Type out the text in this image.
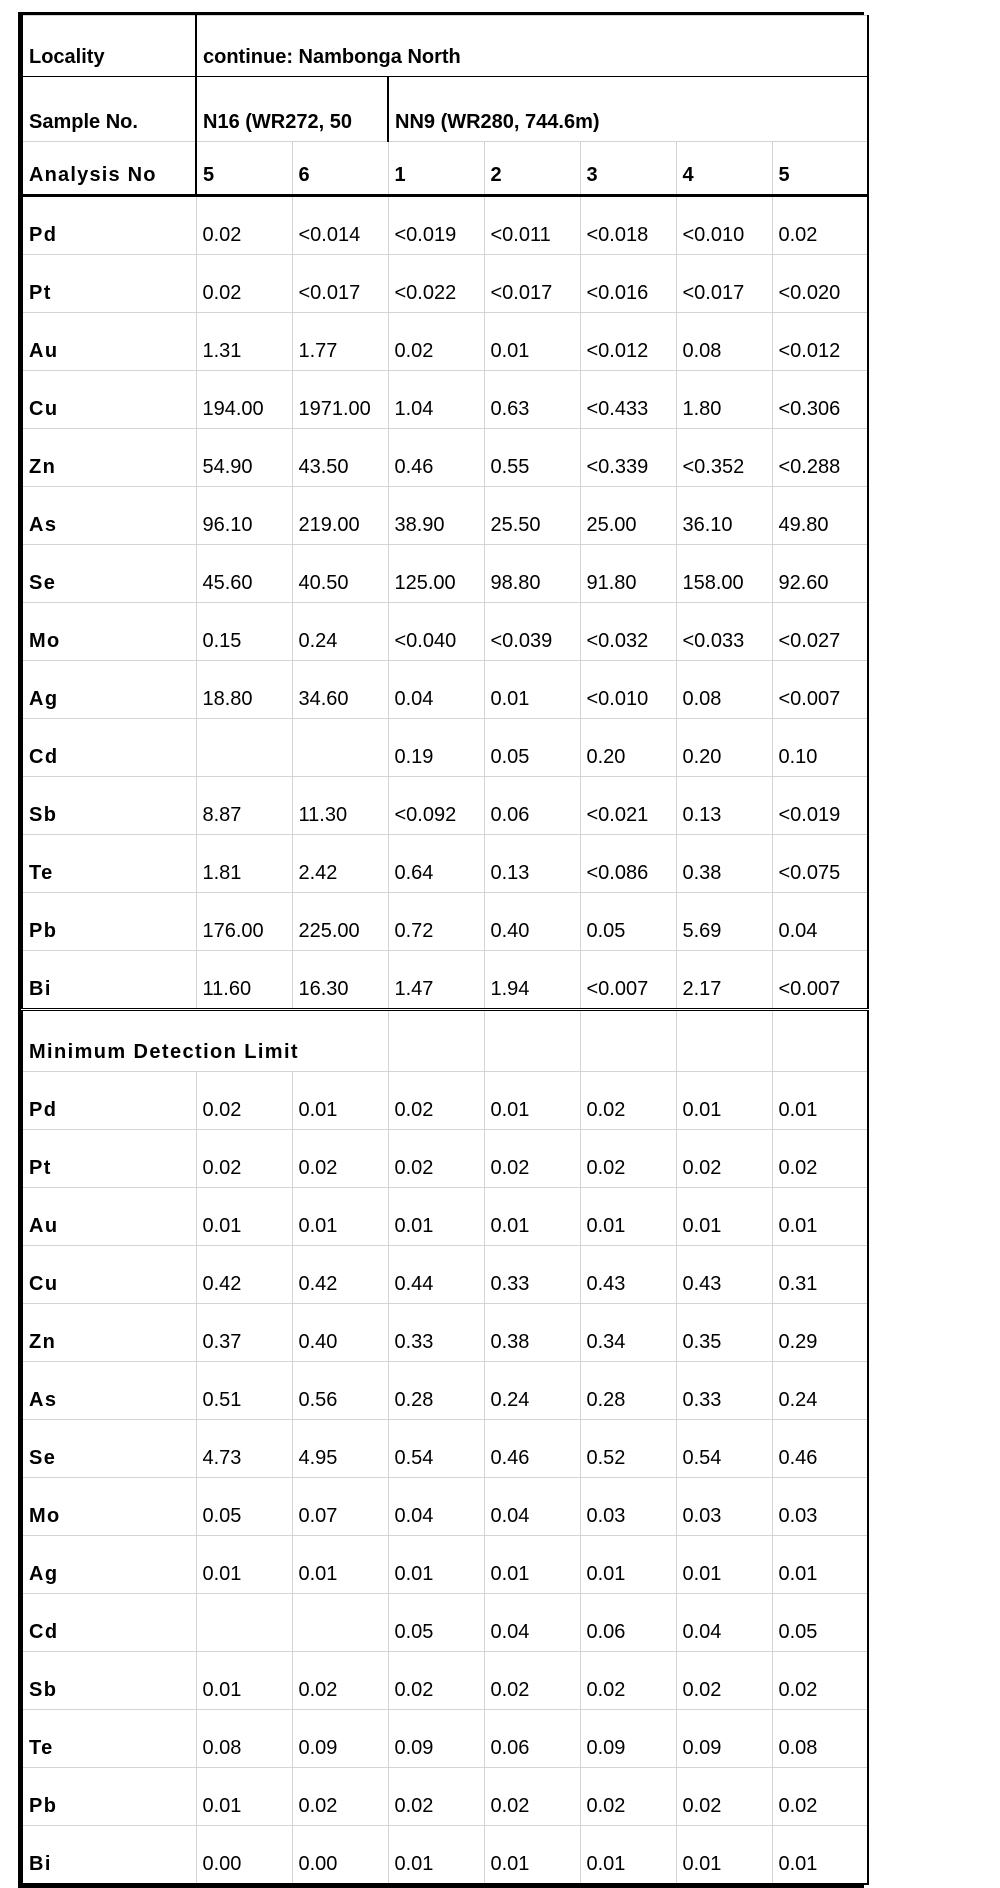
Locality	continue: Nambonga North						
Sample No.	N16 (WR272, 50		NN9 (WR280, 744.6m)				
Analysis No	5	6	1	2	3	4	5
Pd	0.02	<0.014	<0.019	<0.011	<0.018	<0.010	0.02
Pt	0.02	<0.017	<0.022	<0.017	<0.016	<0.017	<0.020
Au	1.31	1.77	0.02	0.01	<0.012	0.08	<0.012
Cu	194.00	1971.00	1.04	0.63	<0.433	1.80	<0.306
Zn	54.90	43.50	0.46	0.55	<0.339	<0.352	<0.288
As	96.10	219.00	38.90	25.50	25.00	36.10	49.80
Se	45.60	40.50	125.00	98.80	91.80	158.00	92.60
Mo	0.15	0.24	<0.040	<0.039	<0.032	<0.033	<0.027
Ag	18.80	34.60	0.04	0.01	<0.010	0.08	<0.007
Cd			0.19	0.05	0.20	0.20	0.10
Sb	8.87	11.30	<0.092	0.06	<0.021	0.13	<0.019
Te	1.81	2.42	0.64	0.13	<0.086	0.38	<0.075
Pb	176.00	225.00	0.72	0.40	0.05	5.69	0.04
Bi	11.60	16.30	1.47	1.94	<0.007	2.17	<0.007
Minimum Detection Limit							
Pd	0.02	0.01	0.02	0.01	0.02	0.01	0.01
Pt	0.02	0.02	0.02	0.02	0.02	0.02	0.02
Au	0.01	0.01	0.01	0.01	0.01	0.01	0.01
Cu	0.42	0.42	0.44	0.33	0.43	0.43	0.31
Zn	0.37	0.40	0.33	0.38	0.34	0.35	0.29
As	0.51	0.56	0.28	0.24	0.28	0.33	0.24
Se	4.73	4.95	0.54	0.46	0.52	0.54	0.46
Mo	0.05	0.07	0.04	0.04	0.03	0.03	0.03
Ag	0.01	0.01	0.01	0.01	0.01	0.01	0.01
Cd			0.05	0.04	0.06	0.04	0.05
Sb	0.01	0.02	0.02	0.02	0.02	0.02	0.02
Te	0.08	0.09	0.09	0.06	0.09	0.09	0.08
Pb	0.01	0.02	0.02	0.02	0.02	0.02	0.02
Bi	0.00	0.00	0.01	0.01	0.01	0.01	0.01
